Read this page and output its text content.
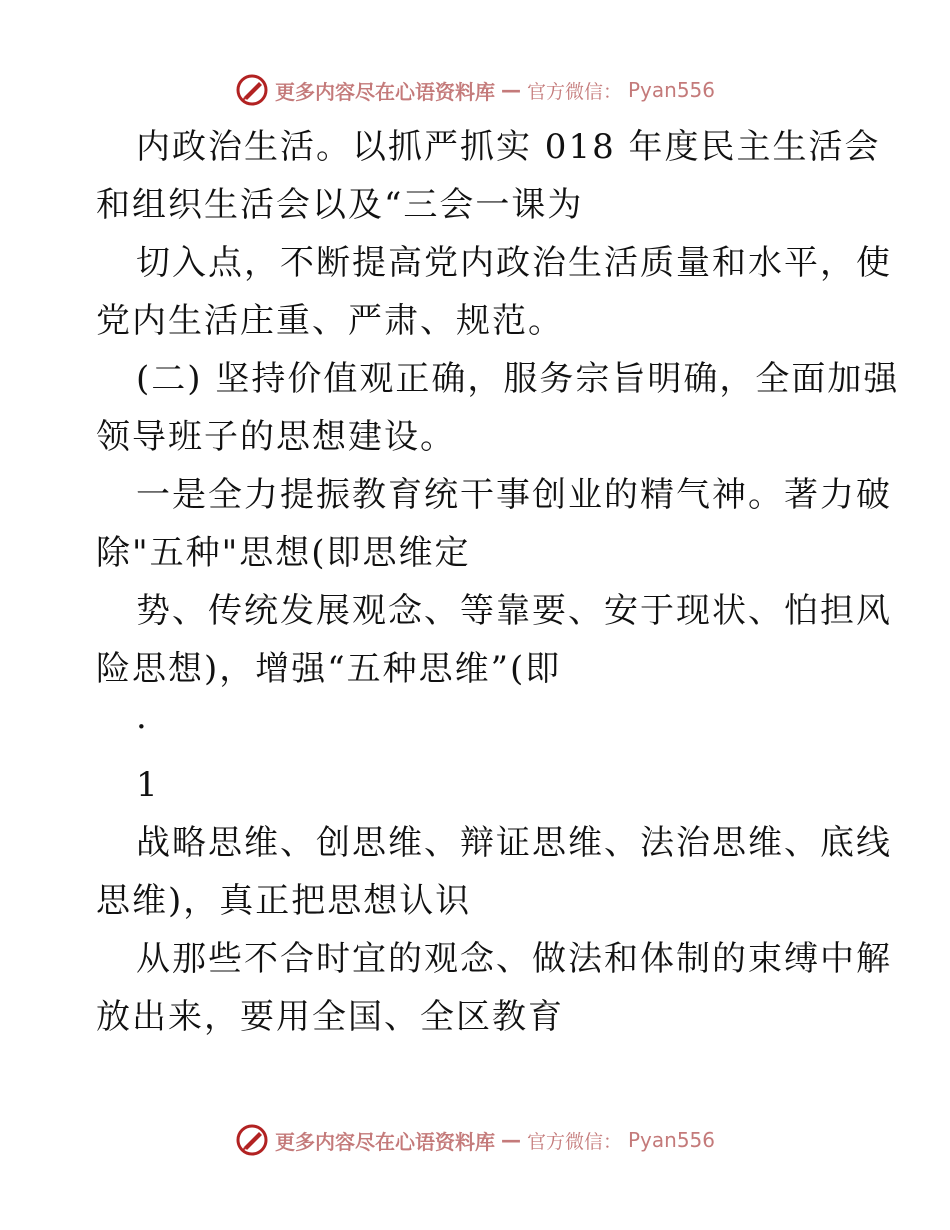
更多内容尽在心语资料库 — 官方微信： Pyan556
内政治生活。以抓严抓实 018 年度民主生活会
和组织生活会以及“三会一课为
切入点，不断提高党内政治生活质量和水平，使
党内生活庄重、严肃、规范。
(二) 坚持价值观正确，服务宗旨明确，全面加强
领导班子的思想建设。
一是全力提振教育统干事创业的精气神。著力破
除"五种"思想(即思维定
势、传统发展观念、等靠要、安于现状、怕担风
险思想)，增强“五种思维”(即
·
1
战略思维、创思维、辩证思维、法治思维、底线
思维)，真正把思想认识
从那些不合时宜的观念、做法和体制的束缚中解
放出来，要用全国、全区教育
更多内容尽在心语资料库 — 官方微信： Pyan556
